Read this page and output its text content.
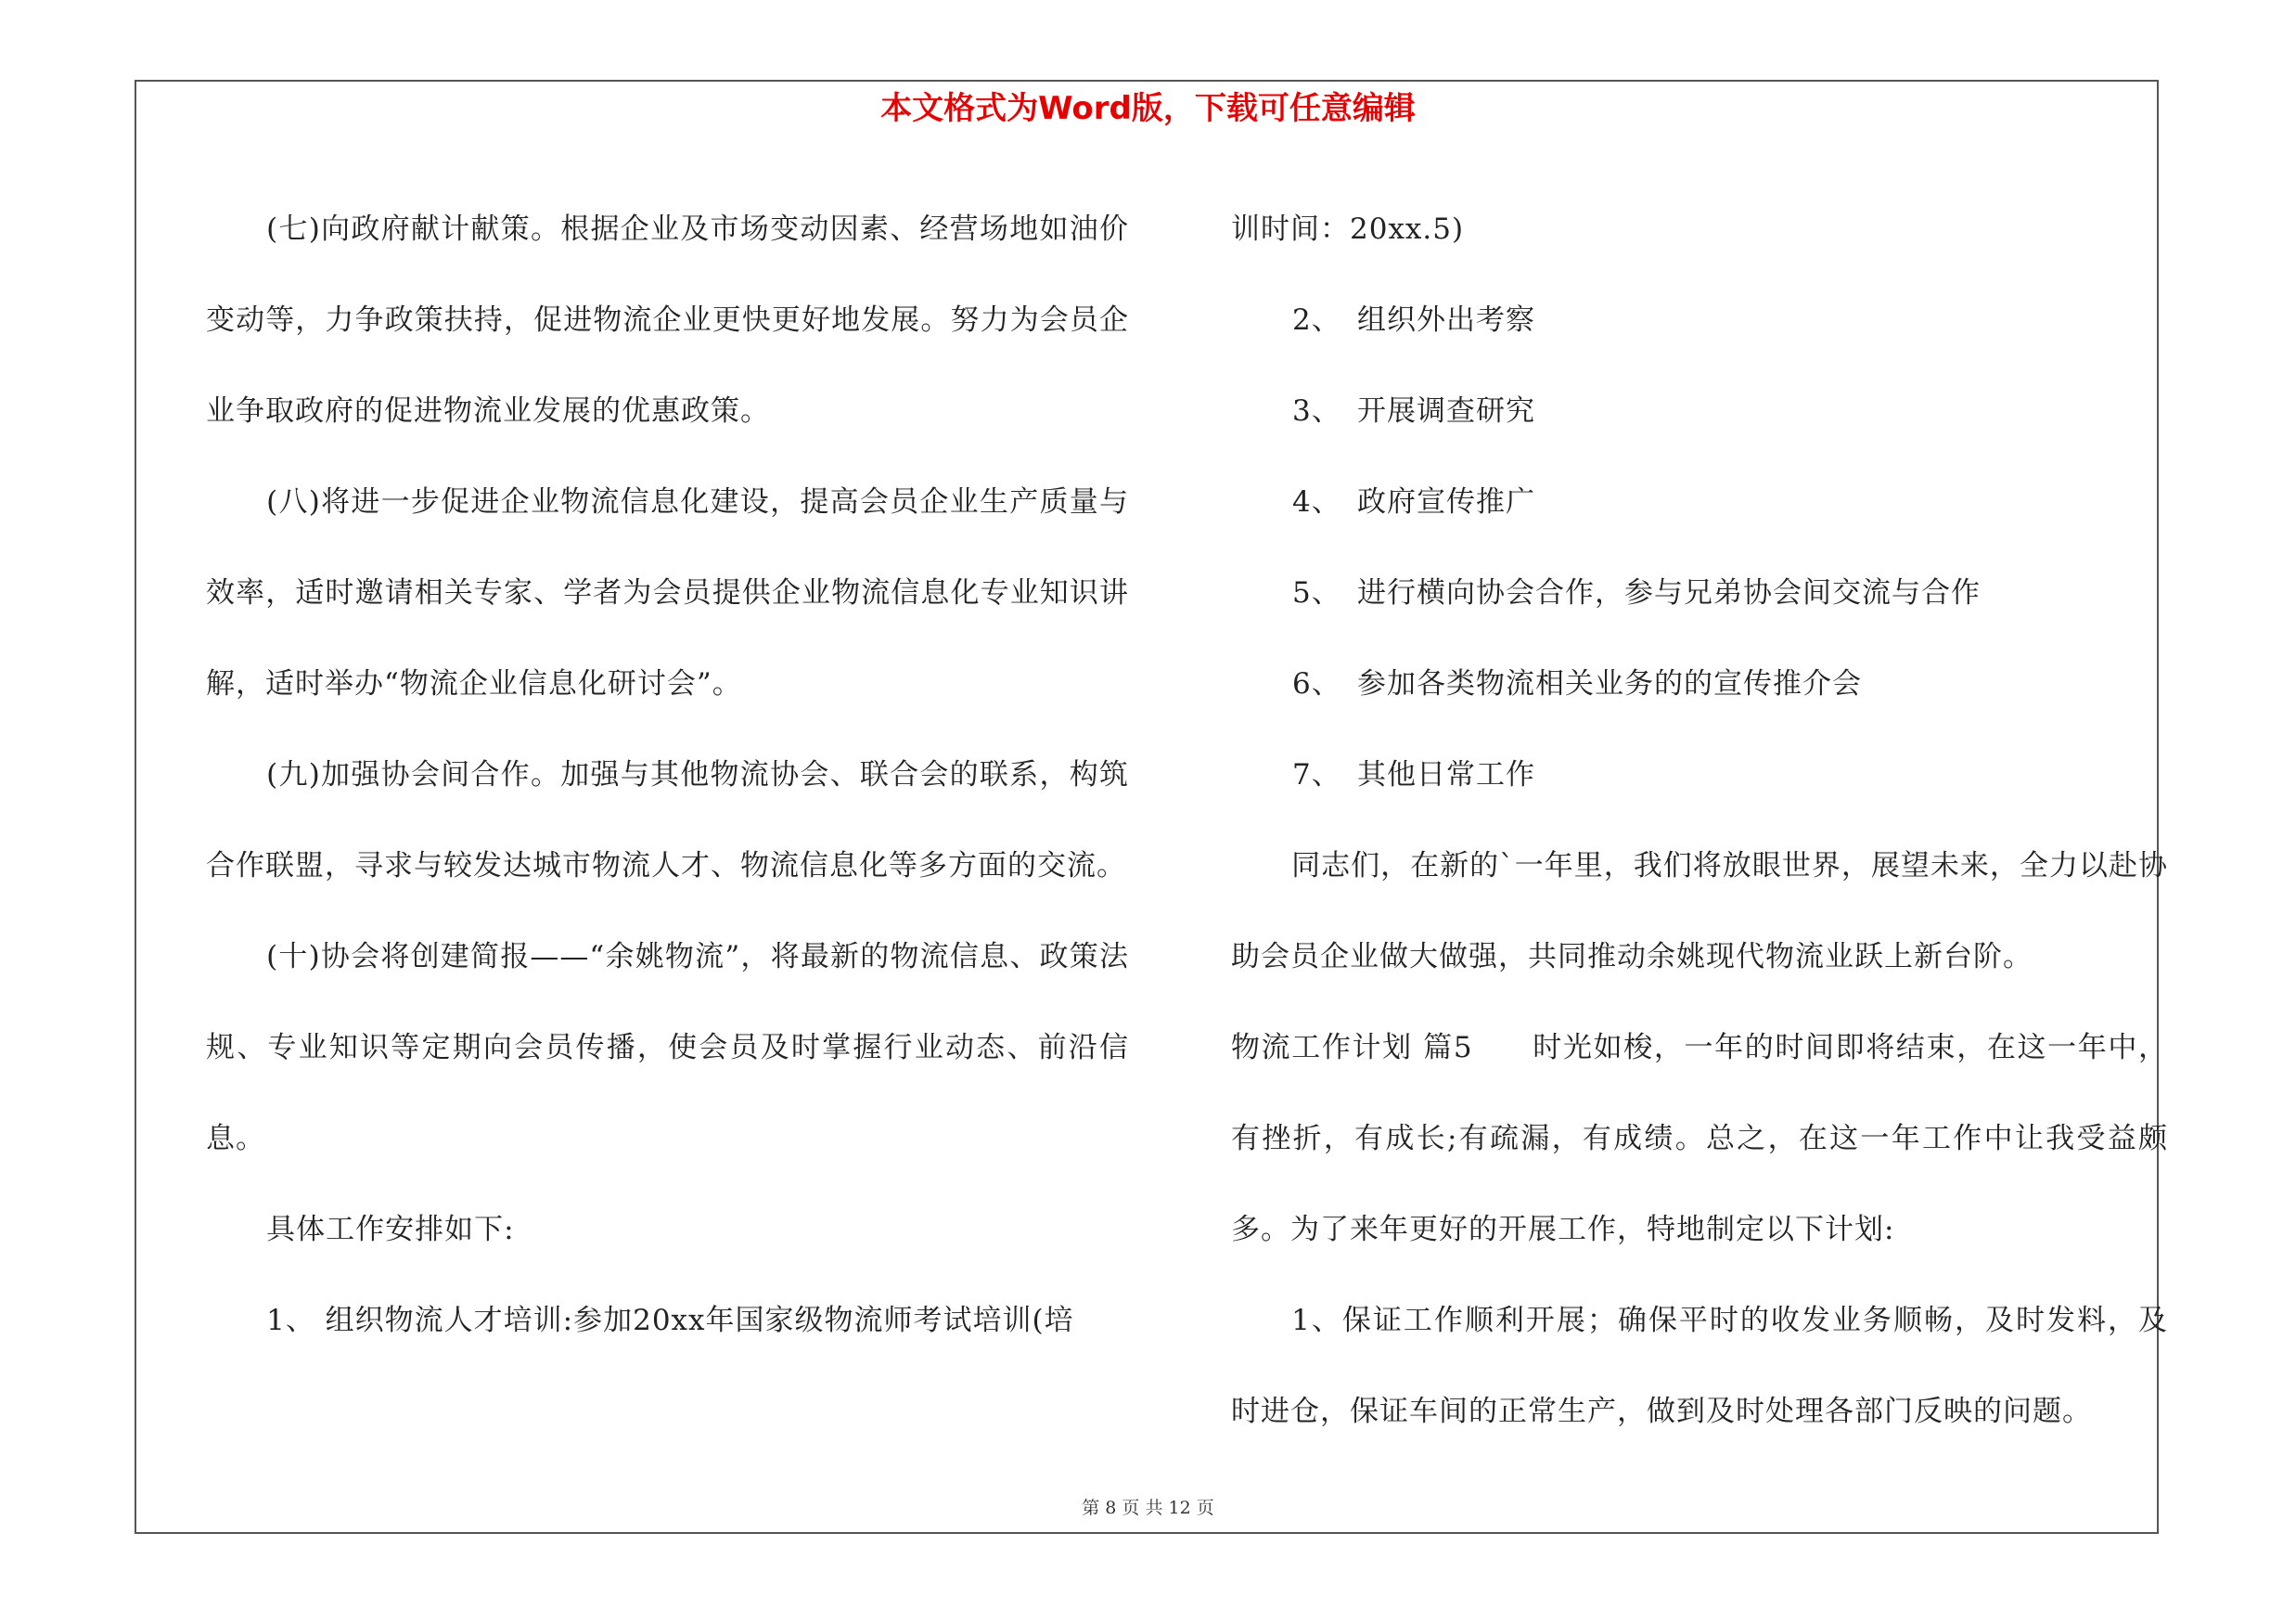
本文格式为Word版，下载可任意编辑

(七)向政府献计献策。根据企业及市场变动因素、经营场地如油价变动等，力争政策扶持，促进物流企业更快更好地发展。努力为会员企业争取政府的促进物流业发展的优惠政策。

(八)将进一步促进企业物流信息化建设，提高会员企业生产质量与效率，适时邀请相关专家、学者为会员提供企业物流信息化专业知识讲解，适时举办“物流企业信息化研讨会”。

(九)加强协会间合作。加强与其他物流协会、联合会的联系，构筑合作联盟，寻求与较发达城市物流人才、物流信息化等多方面的交流。

(十)协会将创建简报——“余姚物流”，将最新的物流信息、政策法规、专业知识等定期向会员传播，使会员及时掌握行业动态、前沿信息。

具体工作安排如下:

1、 组织物流人才培训:参加20xx年国家级物流师考试培训(培

训时间：20xx.5)

2、 组织外出考察

3、 开展调查研究

4、 政府宣传推广

5、 进行横向协会合作，参与兄弟协会间交流与合作

6、 参加各类物流相关业务的的宣传推介会

7、 其他日常工作

同志们，在新的`一年里，我们将放眼世界，展望未来，全力以赴协助会员企业做大做强，共同推动余姚现代物流业跃上新台阶。

物流工作计划 篇5 时光如梭，一年的时间即将结束，在这一年中，有挫折，有成长;有疏漏，有成绩。总之，在这一年工作中让我受益颇多。为了来年更好的开展工作，特地制定以下计划:

1、保证工作顺利开展；确保平时的收发业务顺畅，及时发料，及时进仓，保证车间的正常生产，做到及时处理各部门反映的问题。

第 8 页 共 12 页
